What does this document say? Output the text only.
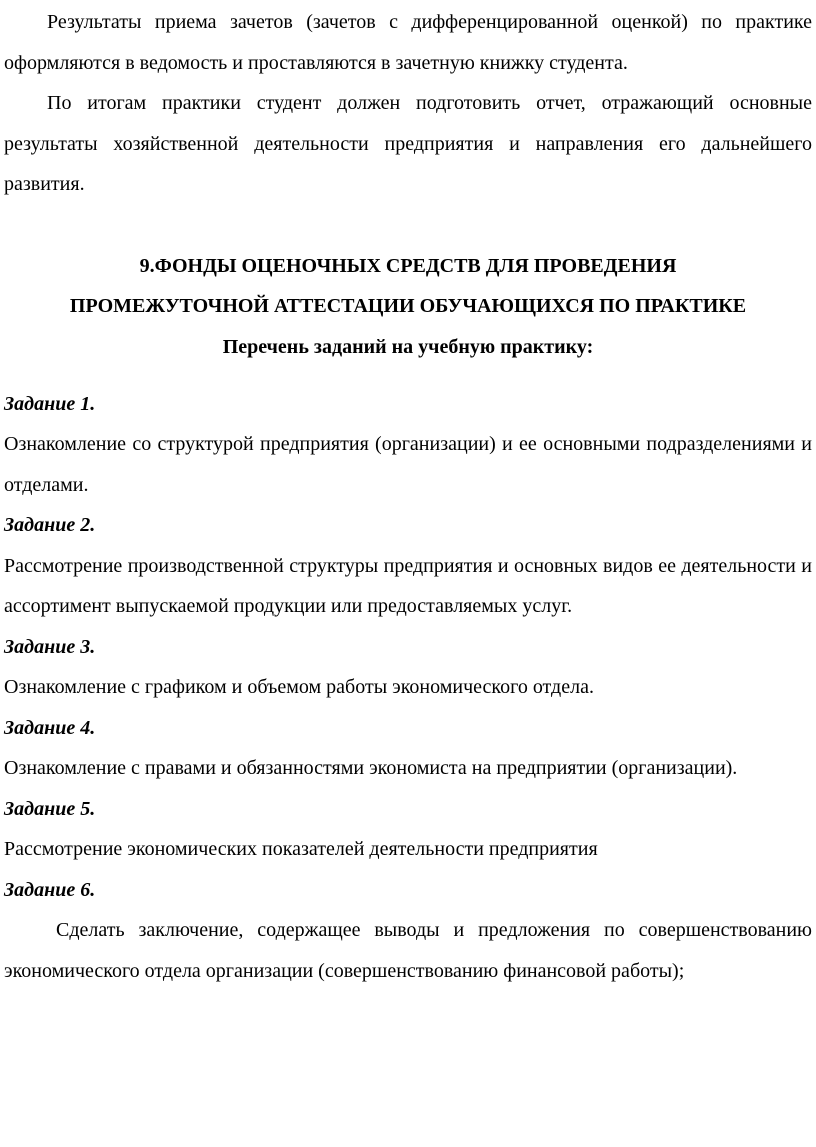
Результаты приема зачетов (зачетов с дифференцированной оценкой) по практике оформляются в ведомость и проставляются в зачетную книжку студента.

По итогам практики студент должен подготовить отчет, отражающий основные результаты хозяйственной деятельности предприятия и направления его дальнейшего развития.

9.ФОНДЫ ОЦЕНОЧНЫХ СРЕДСТВ ДЛЯ ПРОВЕДЕНИЯ

ПРОМЕЖУТОЧНОЙ АТТЕСТАЦИИ ОБУЧАЮЩИХСЯ ПО ПРАКТИКЕ

Перечень заданий на учебную практику:

Задание 1.

Ознакомление со структурой предприятия (организации) и ее основными подразделениями и отделами.

Задание 2.

Рассмотрение производственной структуры предприятия и основных видов ее деятельности и ассортимент выпускаемой продукции или предоставляемых услуг.

Задание 3.

Ознакомление с графиком и объемом работы экономического отдела.

Задание 4.

Ознакомление с правами и обязанностями экономиста на предприятии (организации).

Задание 5.

Рассмотрение экономических показателей деятельности предприятия

Задание 6.

Сделать заключение, содержащее выводы и предложения по совершенствованию экономического отдела организации (совершенствованию финансовой работы);
